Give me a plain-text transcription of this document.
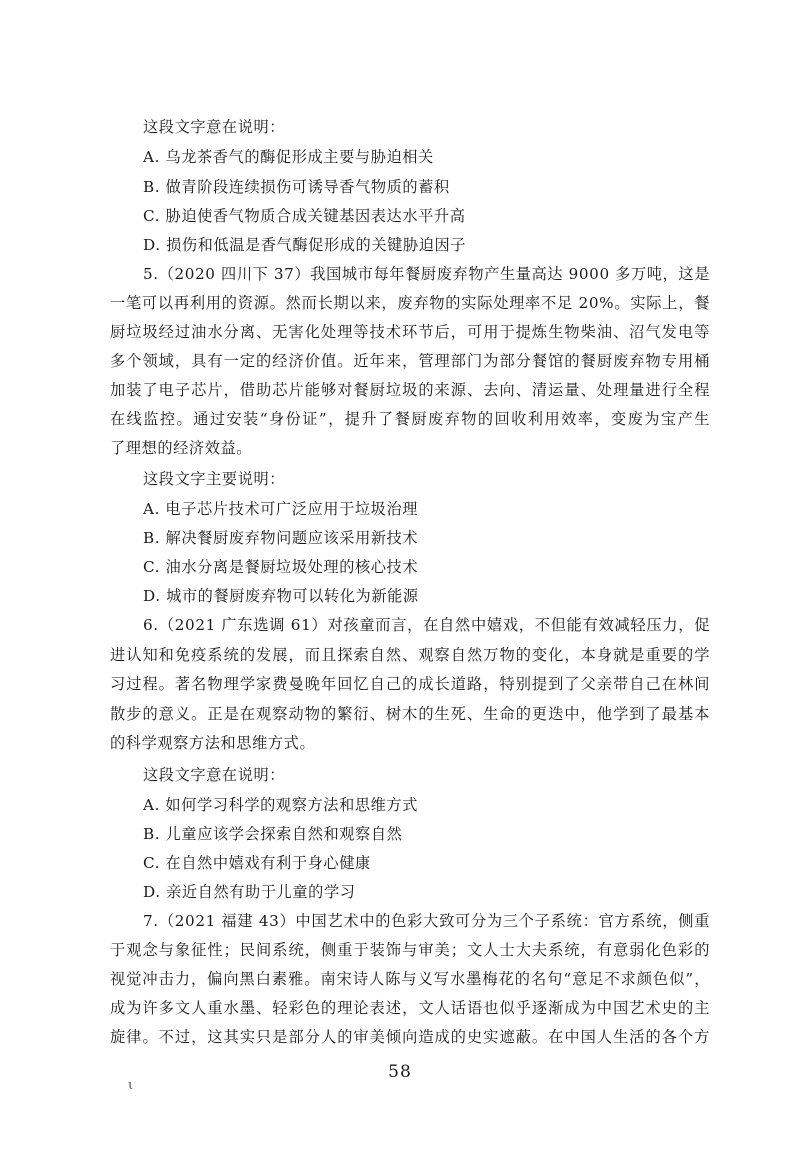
这段文字意在说明：
A. 乌龙茶香气的酶促形成主要与胁迫相关
B. 做青阶段连续损伤可诱导香气物质的蓄积
C. 胁迫使香气物质合成关键基因表达水平升高
D. 损伤和低温是香气酶促形成的关键胁迫因子
5.（2020 四川下 37）我国城市每年餐厨废弃物产生量高达 9000 多万吨，这是
一笔可以再利用的资源。然而长期以来，废弃物的实际处理率不足 20%。实际上，餐
厨垃圾经过油水分离、无害化处理等技术环节后，可用于提炼生物柴油、沼气发电等
多个领域，具有一定的经济价值。近年来，管理部门为部分餐馆的餐厨废弃物专用桶
加装了电子芯片，借助芯片能够对餐厨垃圾的来源、去向、清运量、处理量进行全程
在线监控。通过安装“身份证”，提升了餐厨废弃物的回收利用效率，变废为宝产生
了理想的经济效益。
这段文字主要说明：
A. 电子芯片技术可广泛应用于垃圾治理
B. 解决餐厨废弃物问题应该采用新技术
C. 油水分离是餐厨垃圾处理的核心技术
D. 城市的餐厨废弃物可以转化为新能源
6.（2021 广东选调 61）对孩童而言，在自然中嬉戏，不但能有效减轻压力，促
进认知和免疫系统的发展，而且探索自然、观察自然万物的变化，本身就是重要的学
习过程。著名物理学家费曼晚年回忆自己的成长道路，特别提到了父亲带自己在林间
散步的意义。正是在观察动物的繁衍、树木的生死、生命的更迭中，他学到了最基本
的科学观察方法和思维方式。
这段文字意在说明：
A. 如何学习科学的观察方法和思维方式
B. 儿童应该学会探索自然和观察自然
C. 在自然中嬉戏有利于身心健康
D. 亲近自然有助于儿童的学习
7.（2021 福建 43）中国艺术中的色彩大致可分为三个子系统：官方系统，侧重
于观念与象征性；民间系统，侧重于装饰与审美；文人士大夫系统，有意弱化色彩的
视觉冲击力，偏向黑白素雅。南宋诗人陈与义写水墨梅花的名句“意足不求颜色似”，
成为许多文人重水墨、轻彩色的理论表述，文人话语也似乎逐渐成为中国艺术史的主
旋律。不过，这其实只是部分人的审美倾向造成的史实遮蔽。在中国人生活的各个方
58
ι
